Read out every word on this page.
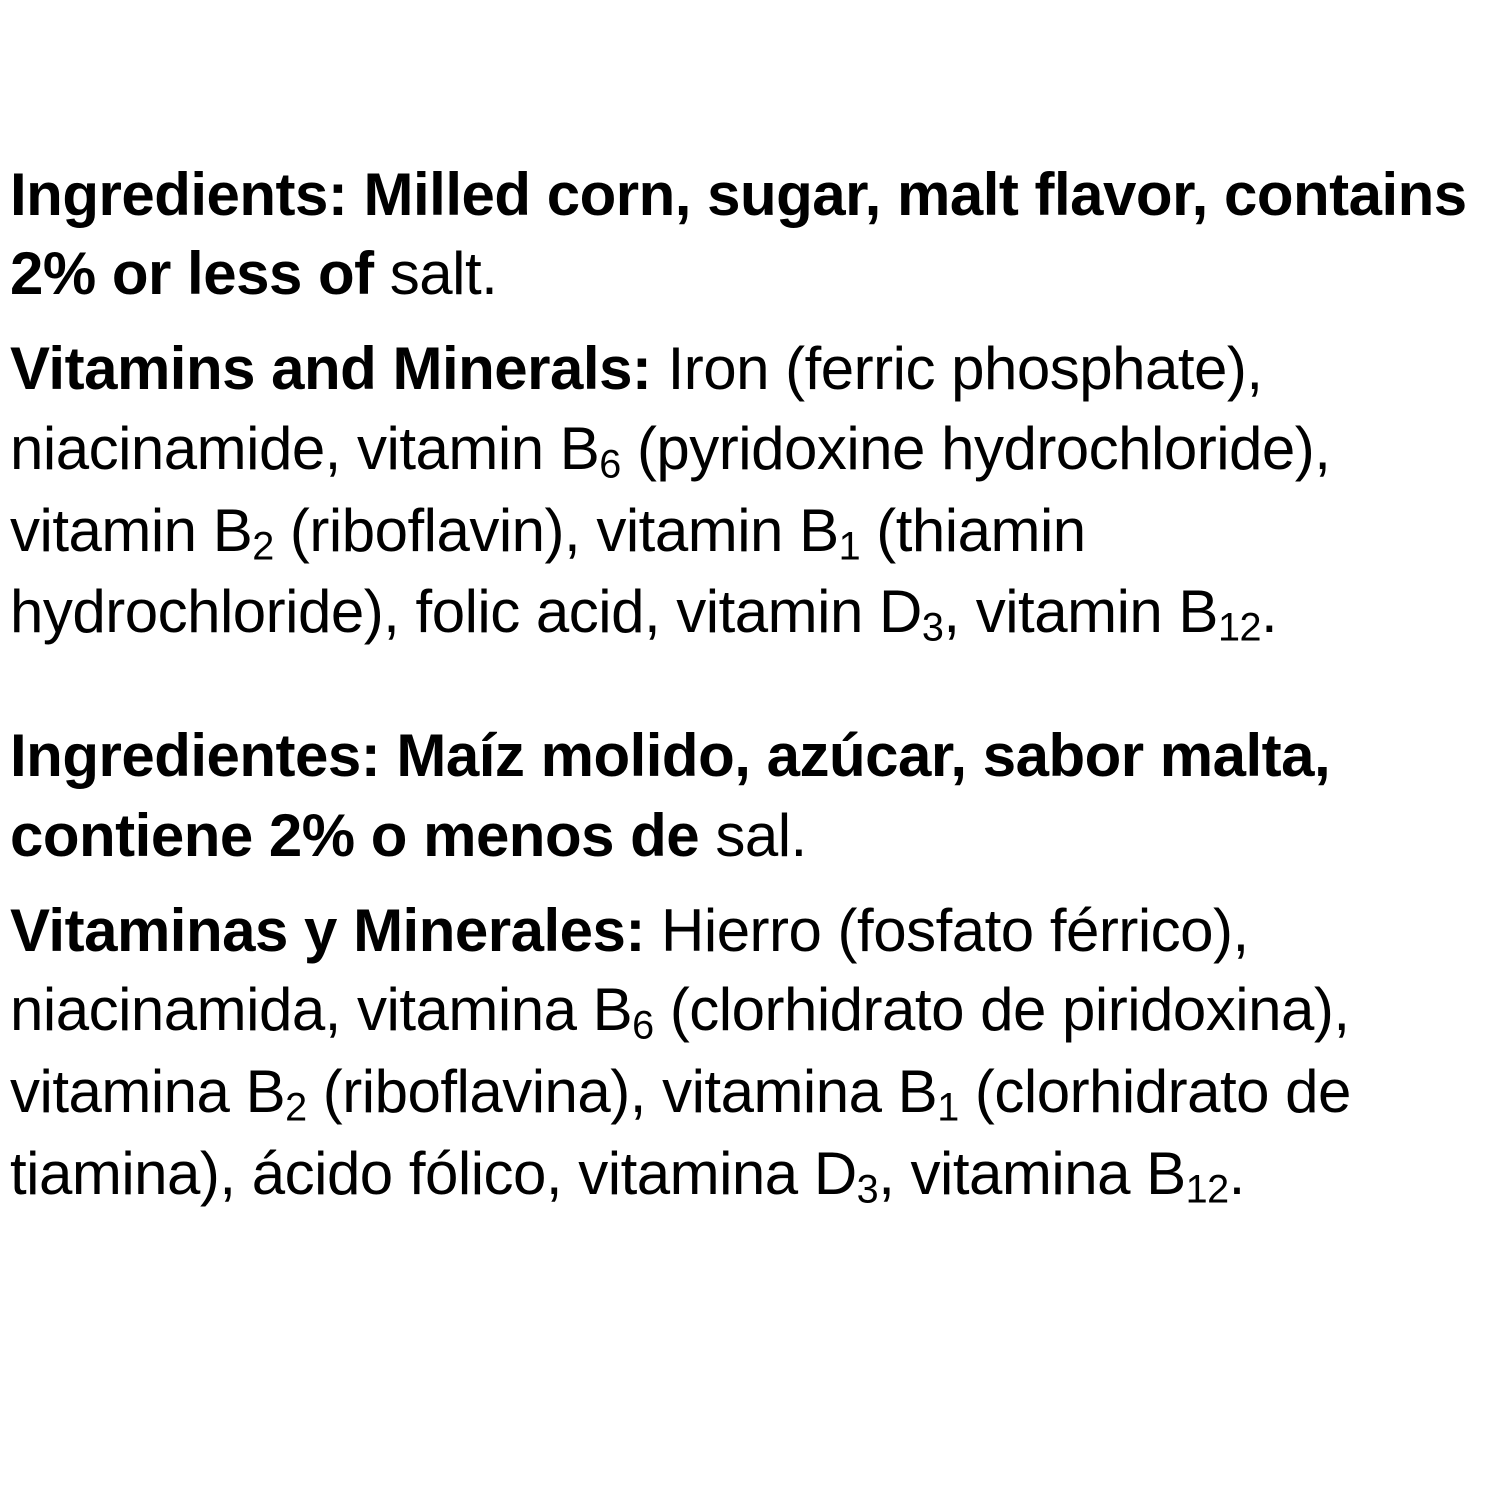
Ingredients: Milled corn, sugar, malt flavor, contains 2% or less of salt.

Vitamins and Minerals: Iron (ferric phosphate), niacinamide, vitamin $B_6$ (pyridoxine hydrochloride), vitamin $B_2$ (riboflavin), vitamin $B_1$ (thiamin hydrochloride), folic acid, vitamin $D_3$, vitamin $B_{12}$.

Ingredientes: Maíz molido, azúcar, sabor malta, contiene 2% o menos de sal.

Vitaminas y Minerales: Hierro (fosfato férrico), niacinamida, vitamina $B_6$ (clorhidrato de piridoxina), vitamina $B_2$ (riboflavina), vitamina $B_1$ (clorhidrato de tiamina), ácido fólico, vitamina $D_3$, vitamina $B_{12}$.
